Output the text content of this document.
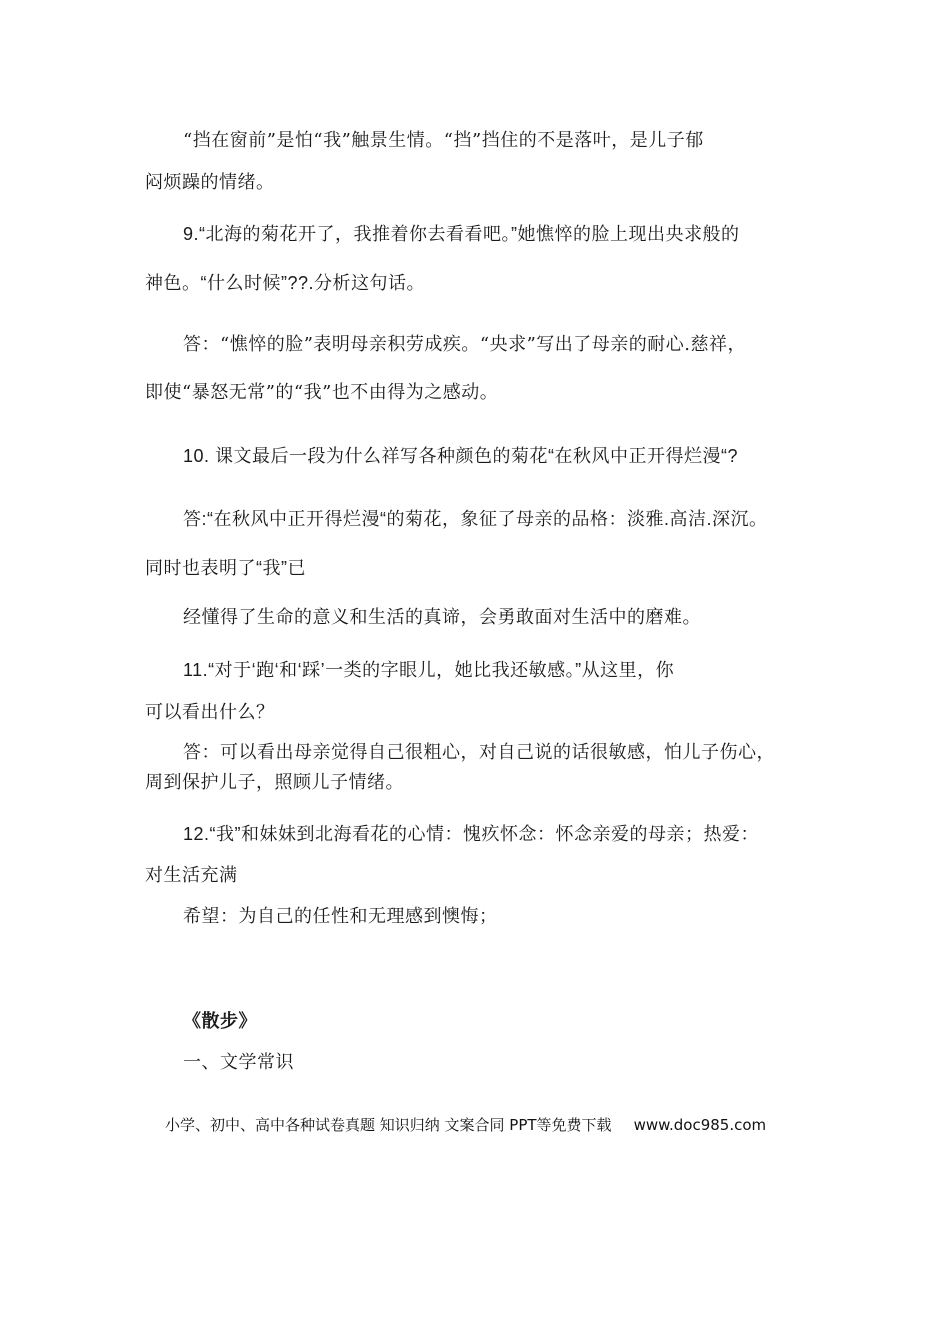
“挡在窗前”是怕“我”触景生情。“挡”挡住的不是落叶，是儿子郁
闷烦躁的情绪。
9.“北海的菊花开了，我推着你去看看吧。”她憔悴的脸上现出央求般的
神色。“什么时候”??.分析这句话。
答：“憔悴的脸”表明母亲积劳成疾。“央求”写出了母亲的耐心.慈祥，
即使“暴怒无常”的“我”也不由得为之感动。
10. 课文最后一段为什么祥写各种颜色的菊花“在秋风中正开得烂漫“?
答:“在秋风中正开得烂漫“的菊花，象征了母亲的品格：淡雅.高洁.深沉。
同时也表明了“我”已
经懂得了生命的意义和生活的真谛，会勇敢面对生活中的磨难。
11.“对于‘跑‘和‘踩’一类的字眼儿，她比我还敏感。”从这里，你
可以看出什么？
答：可以看出母亲觉得自己很粗心，对自己说的话很敏感，怕儿子伤心，
周到保护儿子，照顾儿子情绪。
12.“我”和妹妹到北海看花的心情：愧疚怀念：怀念亲爱的母亲；热爱：
对生活充满
希望：为自己的任性和无理感到懊悔；
《散步》
一、文学常识
小学、初中、高中各种试卷真题 知识归纳 文案合同 PPT等免费下载 www.doc985.com
